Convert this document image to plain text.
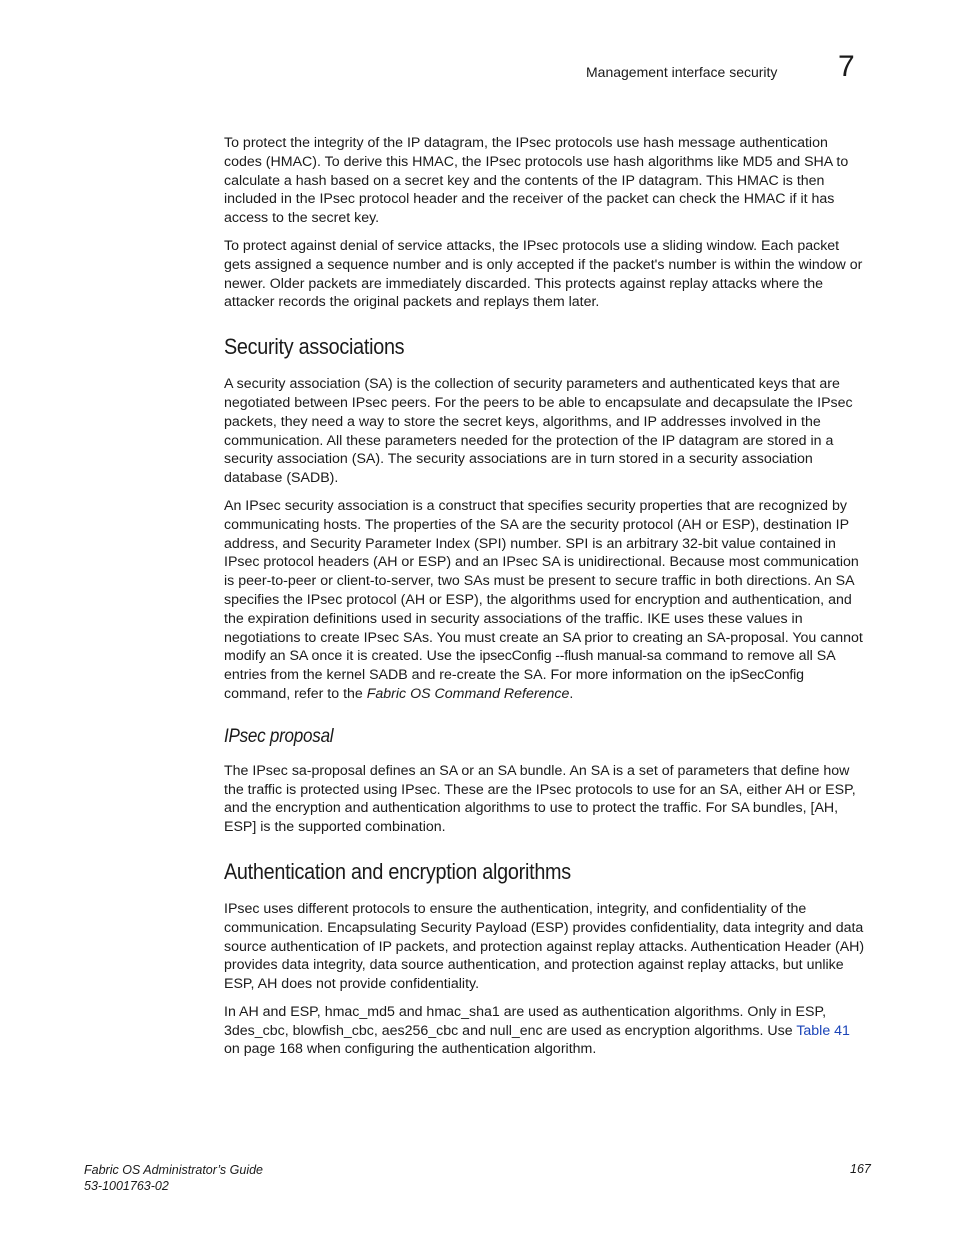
Management interface security 7

To protect the integrity of the IP datagram, the IPsec protocols use hash message authentication codes (HMAC). To derive this HMAC, the IPsec protocols use hash algorithms like MD5 and SHA to calculate a hash based on a secret key and the contents of the IP datagram. This HMAC is then included in the IPsec protocol header and the receiver of the packet can check the HMAC if it has access to the secret key.

To protect against denial of service attacks, the IPsec protocols use a sliding window. Each packet gets assigned a sequence number and is only accepted if the packet's number is within the window or newer. Older packets are immediately discarded. This protects against replay attacks where the attacker records the original packets and replays them later.

Security associations

A security association (SA) is the collection of security parameters and authenticated keys that are negotiated between IPsec peers. For the peers to be able to encapsulate and decapsulate the IPsec packets, they need a way to store the secret keys, algorithms, and IP addresses involved in the communication. All these parameters needed for the protection of the IP datagram are stored in a security association (SA). The security associations are in turn stored in a security association database (SADB).

An IPsec security association is a construct that specifies security properties that are recognized by communicating hosts. The properties of the SA are the security protocol (AH or ESP), destination IP address, and Security Parameter Index (SPI) number. SPI is an arbitrary 32-bit value contained in IPsec protocol headers (AH or ESP) and an IPsec SA is unidirectional. Because most communication is peer-to-peer or client-to-server, two SAs must be present to secure traffic in both directions. An SA specifies the IPsec protocol (AH or ESP), the algorithms used for encryption and authentication, and the expiration definitions used in security associations of the traffic. IKE uses these values in negotiations to create IPsec SAs. You must create an SA prior to creating an SA-proposal. You cannot modify an SA once it is created. Use the ipsecConfig --flush manual-sa command to remove all SA entries from the kernel SADB and re-create the SA. For more information on the ipSecConfig command, refer to the Fabric OS Command Reference.

IPsec proposal

The IPsec sa-proposal defines an SA or an SA bundle. An SA is a set of parameters that define how the traffic is protected using IPsec. These are the IPsec protocols to use for an SA, either AH or ESP, and the encryption and authentication algorithms to use to protect the traffic. For SA bundles, [AH, ESP] is the supported combination.

Authentication and encryption algorithms

IPsec uses different protocols to ensure the authentication, integrity, and confidentiality of the communication. Encapsulating Security Payload (ESP) provides confidentiality, data integrity and data source authentication of IP packets, and protection against replay attacks. Authentication Header (AH) provides data integrity, data source authentication, and protection against replay attacks, but unlike ESP, AH does not provide confidentiality.

In AH and ESP, hmac_md5 and hmac_sha1 are used as authentication algorithms. Only in ESP, 3des_cbc, blowfish_cbc, aes256_cbc and null_enc are used as encryption algorithms. Use Table 41 on page 168 when configuring the authentication algorithm.

Fabric OS Administrator’s Guide
53-1001763-02
167
